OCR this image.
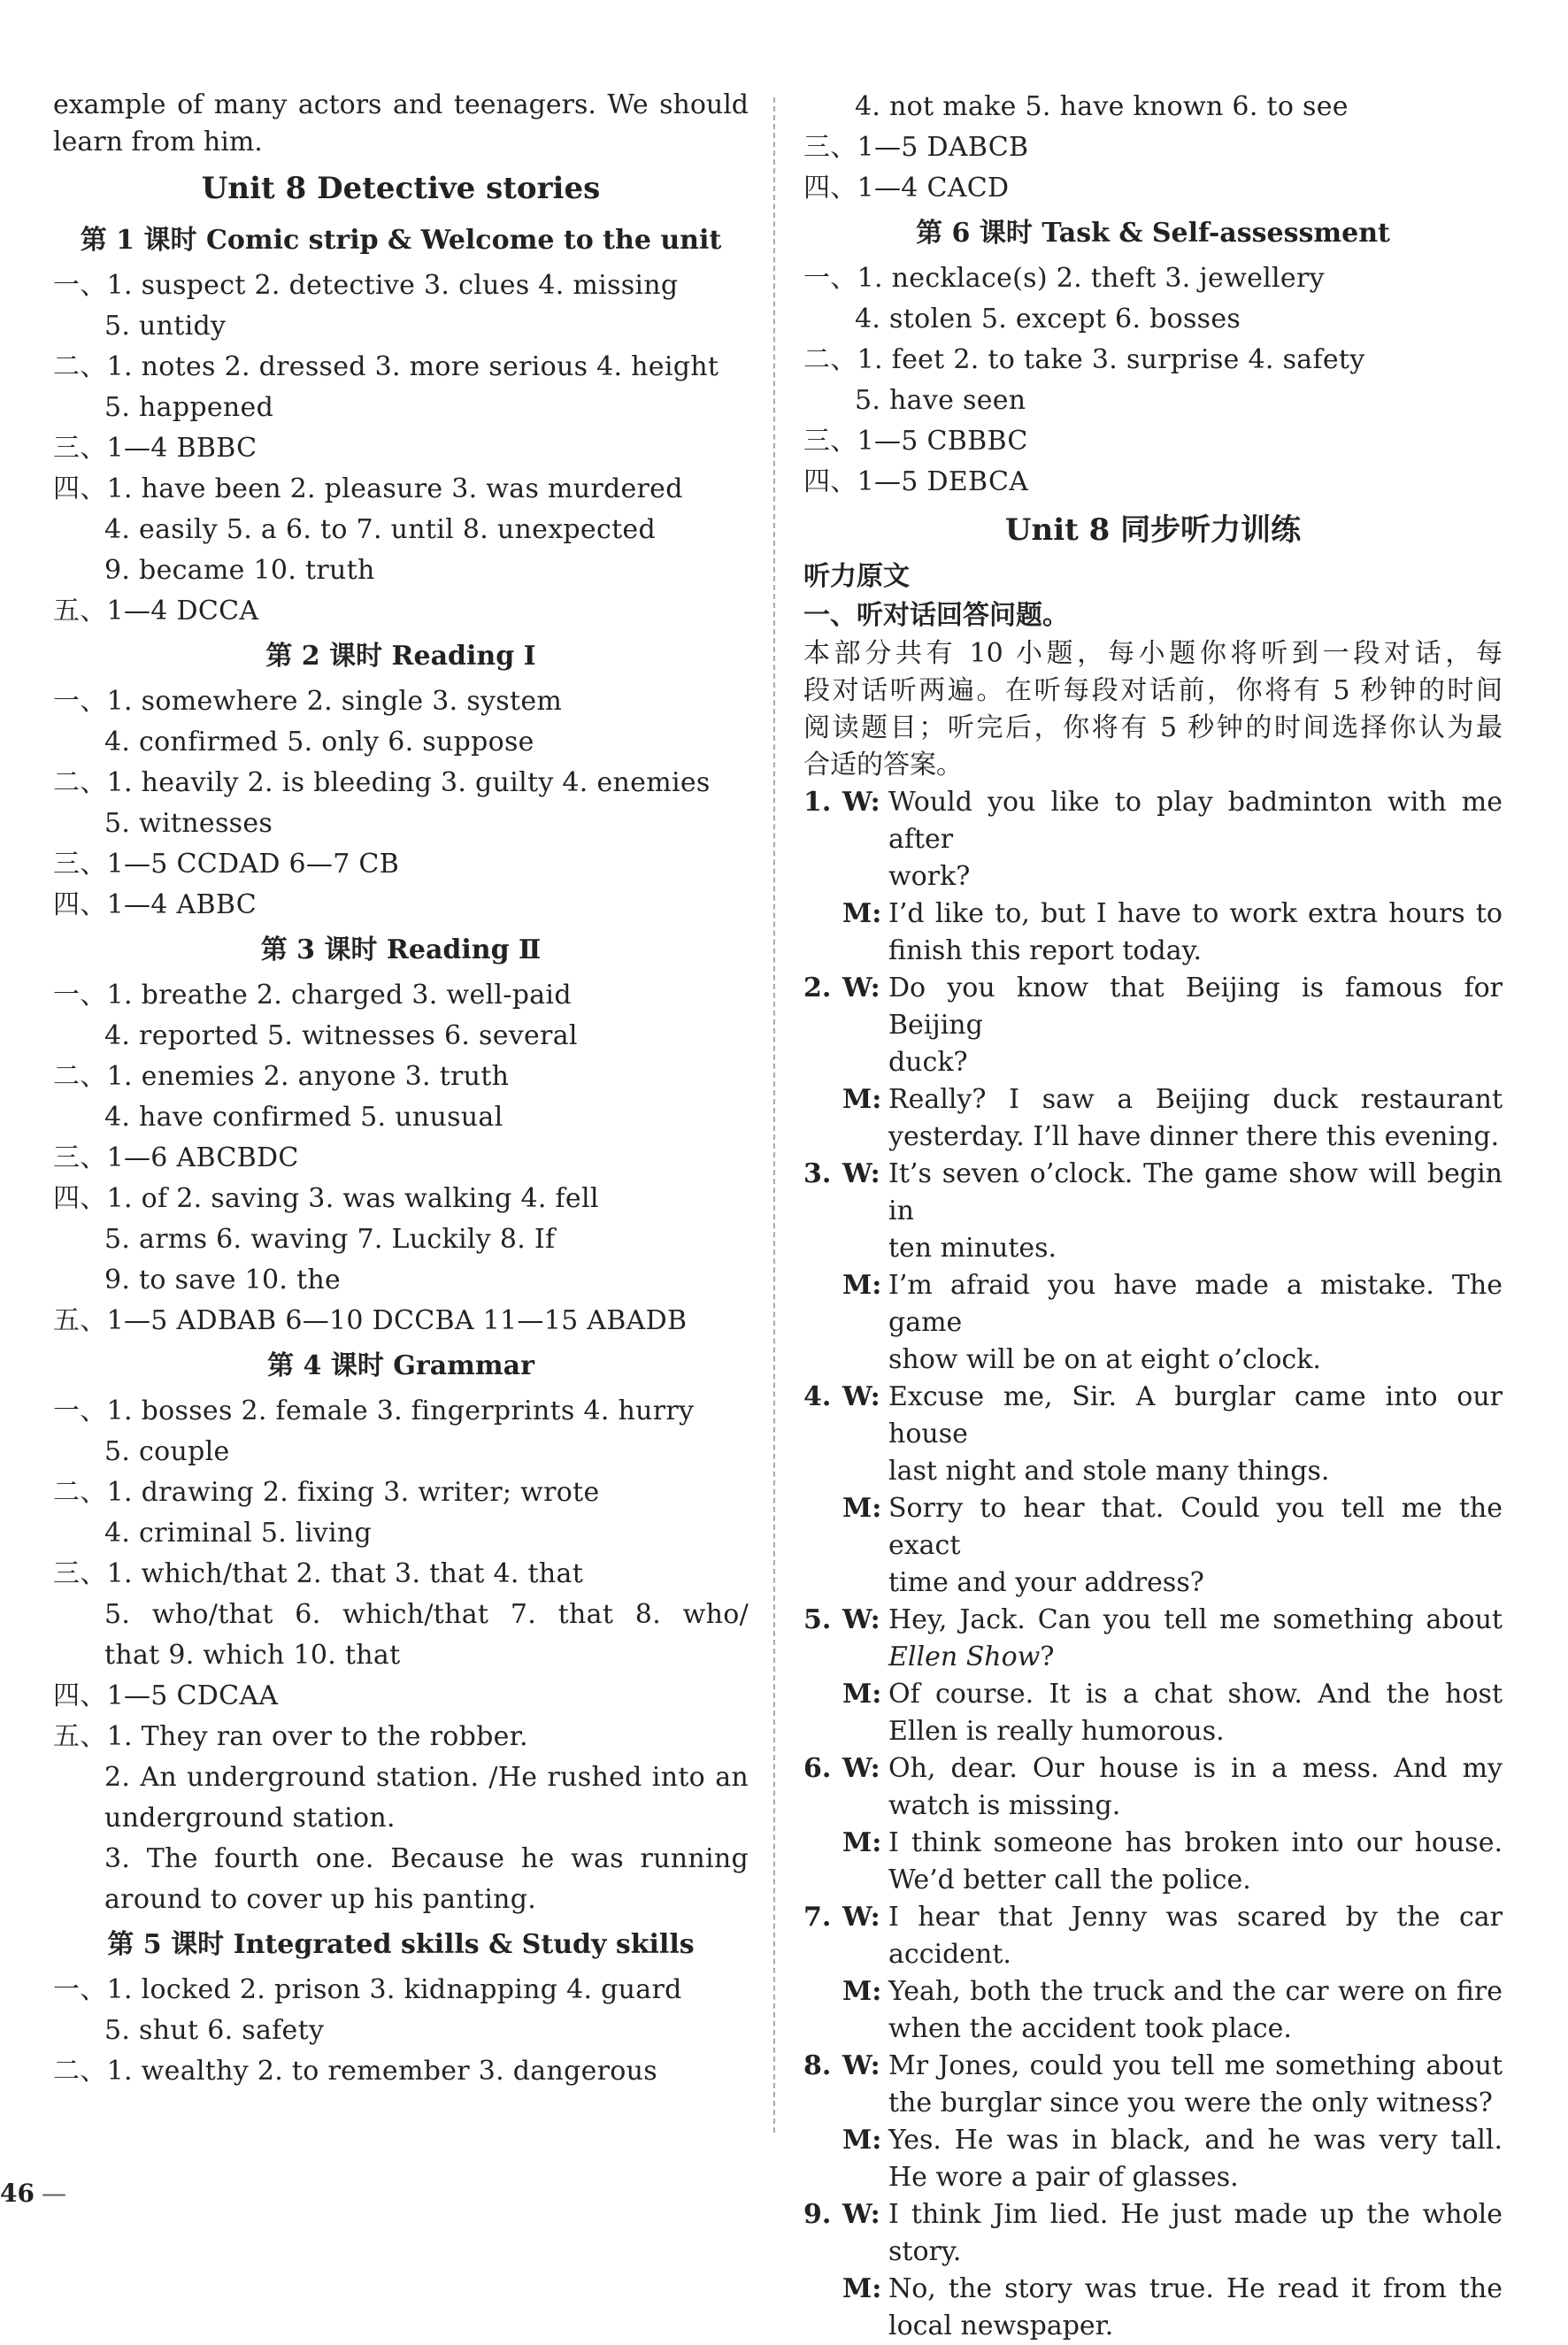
example of many actors and teenagers. We should
learn from him.
Unit 8 Detective stories
第 1 课时 Comic strip & Welcome to the unit
一、1. suspect 2. detective 3. clues 4. missing
5. untidy
二、1. notes 2. dressed 3. more serious 4. height
5. happened
三、1—4 BBBC
四、1. have been 2. pleasure 3. was murdered
4. easily 5. a 6. to 7. until 8. unexpected
9. became 10. truth
五、1—4 DCCA
第 2 课时 Reading Ⅰ
一、1. somewhere 2. single 3. system
4. confirmed 5. only 6. suppose
二、1. heavily 2. is bleeding 3. guilty 4. enemies
5. witnesses
三、1—5 CCDAD 6—7 CB
四、1—4 ABBC
第 3 课时 Reading Ⅱ
一、1. breathe 2. charged 3. well-paid
4. reported 5. witnesses 6. several
二、1. enemies 2. anyone 3. truth
4. have confirmed 5. unusual
三、1—6 ABCBDC
四、1. of 2. saving 3. was walking 4. fell
5. arms 6. waving 7. Luckily 8. If
9. to save 10. the
五、1—5 ADBAB 6—10 DCCBA 11—15 ABADB
第 4 课时 Grammar
一、1. bosses 2. female 3. fingerprints 4. hurry
5. couple
二、1. drawing 2. fixing 3. writer; wrote
4. criminal 5. living
三、1. which/that 2. that 3. that 4. that
5. who/that 6. which/that 7. that 8. who/
that 9. which 10. that
四、1—5 CDCAA
五、1. They ran over to the robber.
2. An underground station. /He rushed into an
underground station.
3. The fourth one. Because he was running
around to cover up his panting.
第 5 课时 Integrated skills & Study skills
一、1. locked 2. prison 3. kidnapping 4. guard
5. shut 6. safety
二、1. wealthy 2. to remember 3. dangerous
4. not make 5. have known 6. to see
三、1—5 DABCB
四、1—4 CACD
第 6 课时 Task & Self-assessment
一、1. necklace(s) 2. theft 3. jewellery
4. stolen 5. except 6. bosses
二、1. feet 2. to take 3. surprise 4. safety
5. have seen
三、1—5 CBBBC
四、1—5 DEBCA
Unit 8 同步听力训练
听力原文
一、听对话回答问题。
本部分共有 10 小题，每小题你将听到一段对话，每
段对话听两遍。在听每段对话前，你将有 5 秒钟的时间
阅读题目；听完后，你将有 5 秒钟的时间选择你认为最
合适的答案。
1. W: Would you like to play badminton with me after
work?
M: I’d like to, but I have to work extra hours to
finish this report today.
2. W: Do you know that Beijing is famous for Beijing
duck?
M: Really? I saw a Beijing duck restaurant
yesterday. I’ll have dinner there this evening.
3. W: It’s seven o’clock. The game show will begin in
ten minutes.
M: I’m afraid you have made a mistake. The game
show will be on at eight o’clock.
4. W: Excuse me, Sir. A burglar came into our house
last night and stole many things.
M: Sorry to hear that. Could you tell me the exact
time and your address?
5. W: Hey, Jack. Can you tell me something about
Ellen Show?
M: Of course. It is a chat show. And the host
Ellen is really humorous.
6. W: Oh, dear. Our house is in a mess. And my
watch is missing.
M: I think someone has broken into our house.
We’d better call the police.
7. W: I hear that Jenny was scared by the car
accident.
M: Yeah, both the truck and the car were on fire
when the accident took place.
8. W: Mr Jones, could you tell me something about
the burglar since you were the only witness?
M: Yes. He was in black, and he was very tall.
He wore a pair of glasses.
9. W: I think Jim lied. He just made up the whole
story.
M: No, the story was true. He read it from the
local newspaper.
46 —
